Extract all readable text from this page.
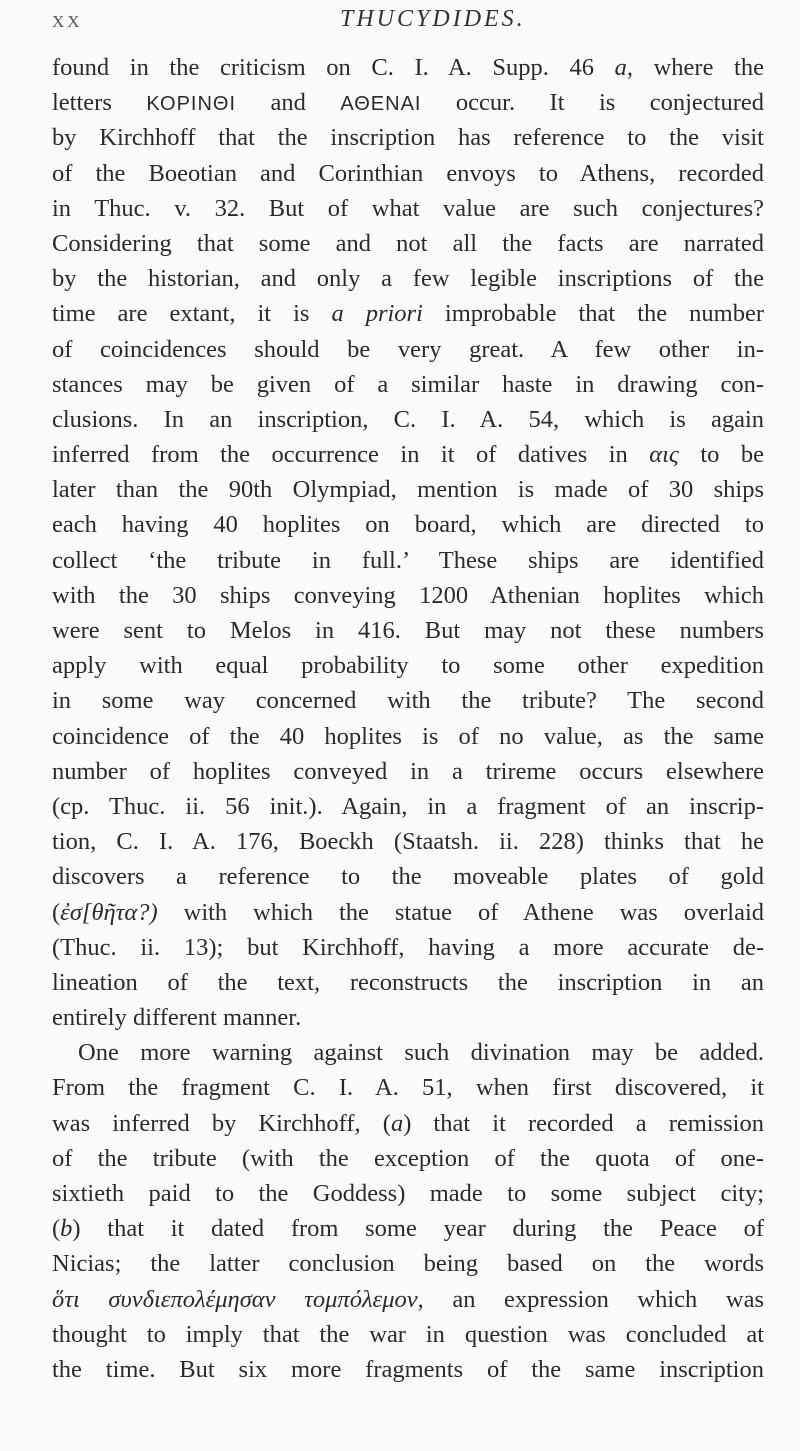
XX	THUCYDIDES.
found in the criticism on C. I. A. Supp. 46 a, where the
letters ΚΟΡΙΝΘΙ and ΑΘΕΝΑΙ occur. It is conjectured
by Kirchhoff that the inscription has reference to the visit
of the Boeotian and Corinthian envoys to Athens, recorded
in Thuc. v. 32. But of what value are such conjectures?
Considering that some and not all the facts are narrated
by the historian, and only a few legible inscriptions of the
time are extant, it is a priori improbable that the number
of coincidences should be very great. A few other in-
stances may be given of a similar haste in drawing con-
clusions. In an inscription, C. I. A. 54, which is again
inferred from the occurrence in it of datives in αις to be
later than the 90th Olympiad, mention is made of 30 ships
each having 40 hoplites on board, which are directed to
collect ‘the tribute in full.’ These ships are identified
with the 30 ships conveying 1200 Athenian hoplites which
were sent to Melos in 416. But may not these numbers
apply with equal probability to some other expedition
in some way concerned with the tribute? The second
coincidence of the 40 hoplites is of no value, as the same
number of hoplites conveyed in a trireme occurs elsewhere
(cp. Thuc. ii. 56 init.). Again, in a fragment of an inscrip-
tion, C. I. A. 176, Boeckh (Staatsh. ii. 228) thinks that he
discovers a reference to the moveable plates of gold
(ἐσ[θῆτα?) with which the statue of Athene was overlaid
(Thuc. ii. 13); but Kirchhoff, having a more accurate de-
lineation of the text, reconstructs the inscription in an
entirely different manner.
One more warning against such divination may be added.
From the fragment C. I. A. 51, when first discovered, it
was inferred by Kirchhoff, (a) that it recorded a remission
of the tribute (with the exception of the quota of one-
sixtieth paid to the Goddess) made to some subject city;
(b) that it dated from some year during the Peace of
Nicias; the latter conclusion being based on the words
ὅτι συνδιεπολέμησαν τομπόλεμον, an expression which was
thought to imply that the war in question was concluded at
the time. But six more fragments of the same inscription
